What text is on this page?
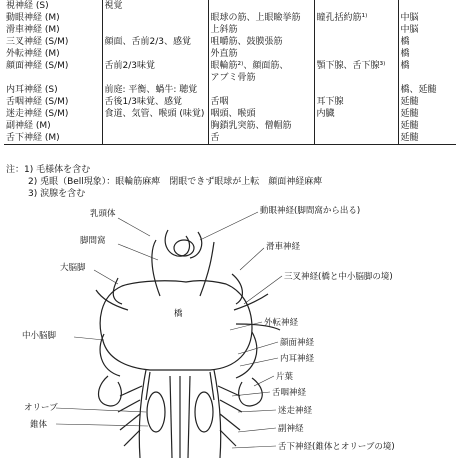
視神経 (S)	視覚			
動眼神経 (M)		眼球の筋、上眼瞼挙筋	瞳孔括約筋¹⁾	中脳
滑車神経 (M)		上斜筋		中脳
三叉神経 (S/M)	顔面、舌前2/3、感覚	咀嚼筋、鼓膜張筋		橋
外転神経 (M)		外直筋		橋
顔面神経 (S/M)	舌前2/3味覚	眼輪筋²⁾、顔面筋、	顎下腺、舌下腺³⁾	橋
		アブミ骨筋		
内耳神経 (S)	前庭: 平衡、蝸牛: 聴覚			橋、延髄
舌咽神経 (S/M)	舌後1/3味覚、感覚	舌咽	耳下腺	延髄
迷走神経 (S/M)	食道、気管、喉頭 (味覚)	咽頭、喉頭	内臓	延髄
副神経 (M)		胸鎖乳突筋、僧帽筋		延髄
舌下神経 (M)		舌		延髄
注：1) 毛様体を含む
2) 兎眼（Bell現象）：眼輪筋麻痺　閉眼できず眼球が上転　顔面神経麻痺
3) 涙腺を含む
乳頭体
脚間窩
大脳脚
中小脳脚
オリーブ
錐体
橋
動眼神経(脚間窩から出る)
滑車神経
三叉神経(橋と中小脳脚の境)
外転神経
顔面神経
内耳神経
片葉
舌咽神経
迷走神経
副神経
舌下神経(錐体とオリーブの境)
